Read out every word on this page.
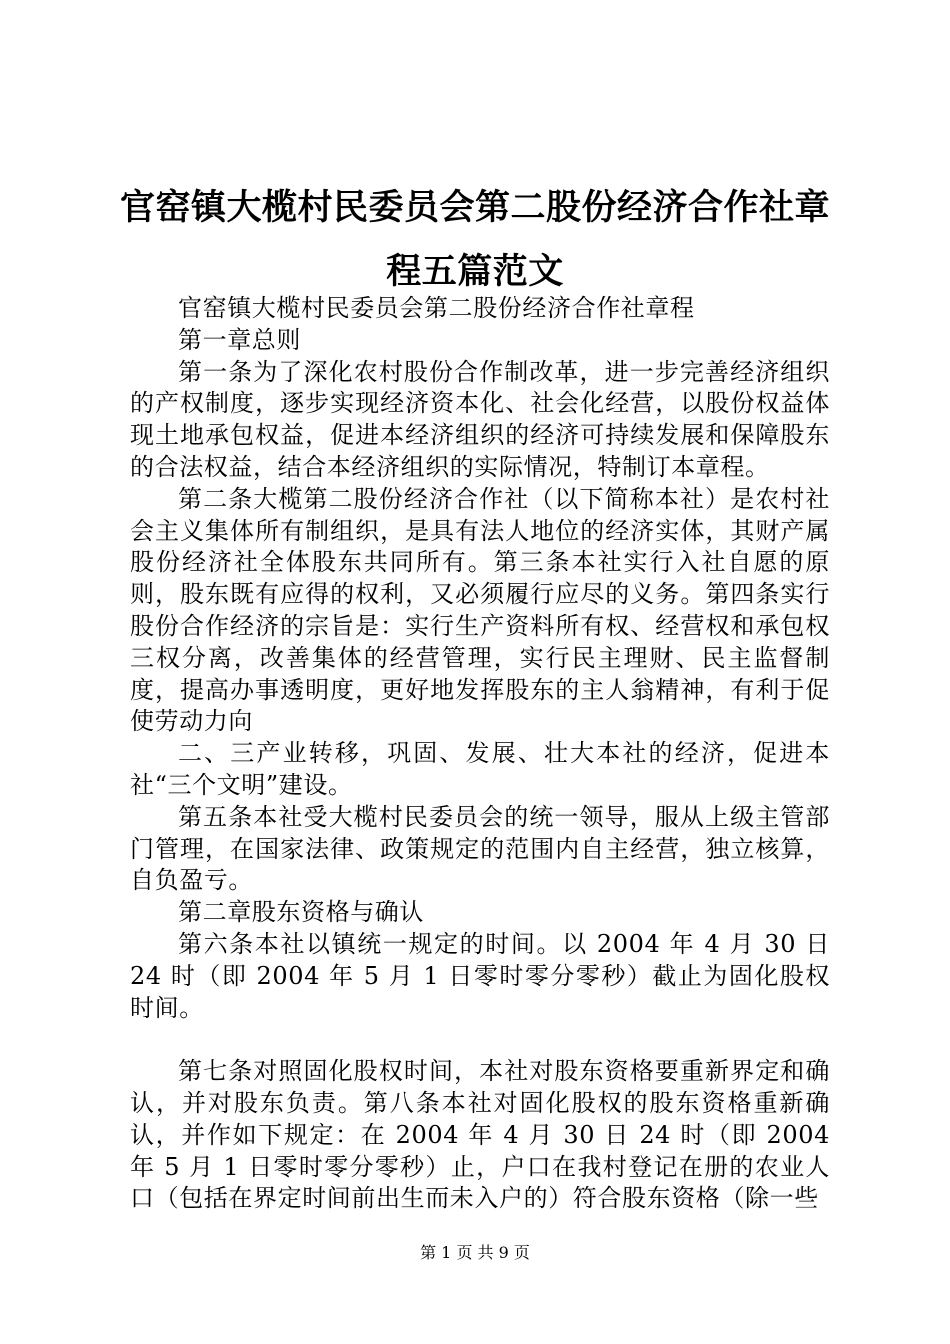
官窑镇大榄村民委员会第二股份经济合作社章程五篇范文

官窑镇大榄村民委员会第二股份经济合作社章程

第一章总则

第一条为了深化农村股份合作制改革，进一步完善经济组织的产权制度，逐步实现经济资本化、社会化经营，以股份权益体现土地承包权益，促进本经济组织的经济可持续发展和保障股东的合法权益，结合本经济组织的实际情况，特制订本章程。

第二条大榄第二股份经济合作社（以下简称本社）是农村社会主义集体所有制组织，是具有法人地位的经济实体，其财产属股份经济社全体股东共同所有。第三条本社实行入社自愿的原则，股东既有应得的权利，又必须履行应尽的义务。第四条实行股份合作经济的宗旨是：实行生产资料所有权、经营权和承包权三权分离，改善集体的经营管理，实行民主理财、民主监督制度，提高办事透明度，更好地发挥股东的主人翁精神，有利于促使劳动力向

二、三产业转移，巩固、发展、壮大本社的经济，促进本社“三个文明”建设。

第五条本社受大榄村民委员会的统一领导，服从上级主管部门管理，在国家法律、政策规定的范围内自主经营，独立核算，自负盈亏。

第二章股东资格与确认

第六条本社以镇统一规定的时间。以 2004 年 4 月 30 日 24 时（即 2004 年 5 月 1 日零时零分零秒）截止为固化股权时间。

第七条对照固化股权时间，本社对股东资格要重新界定和确认，并对股东负责。第八条本社对固化股权的股东资格重新确认，并作如下规定：在 2004 年 4 月 30 日 24 时（即 2004 年 5 月 1 日零时零分零秒）止，户口在我村登记在册的农业人口（包括在界定时间前出生而未入户的）符合股东资格（除一些

第 1 页 共 9 页
